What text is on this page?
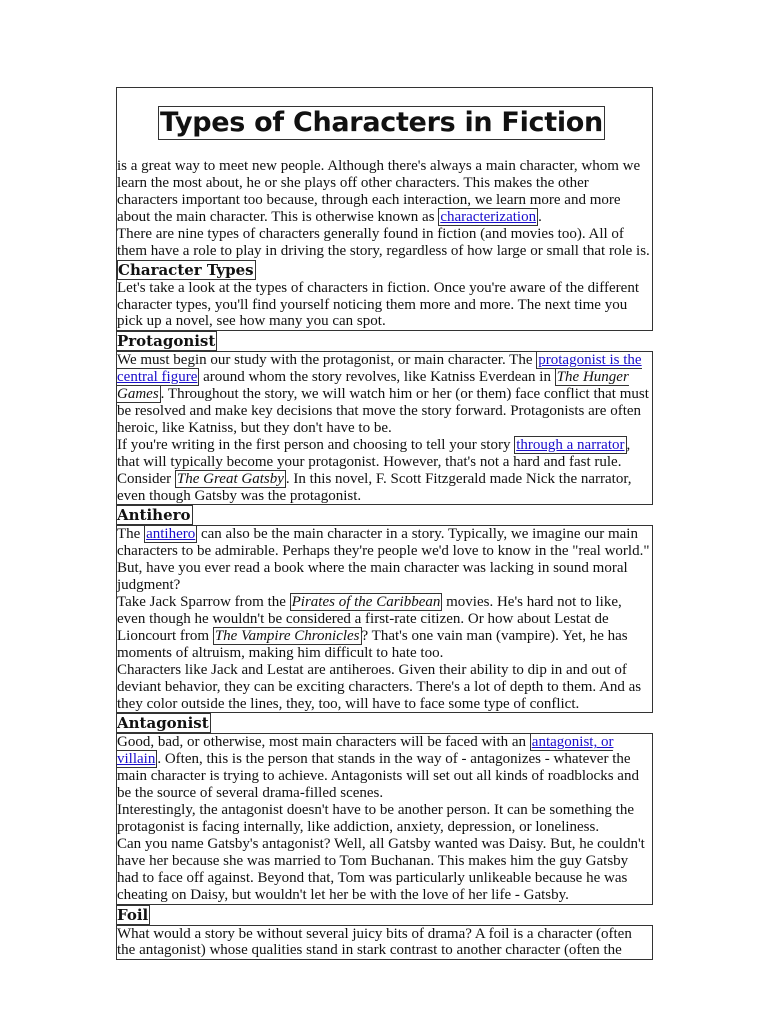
Types of Characters in Fiction

is a great way to meet new people. Although there's always a main character, whom we learn the most about, he or she plays off other characters. This makes the other characters important too because, through each interaction, we learn more and more about the main character. This is otherwise known as characterization .

There are nine types of characters generally found in fiction (and movies too). All of them have a role to play in driving the story, regardless of how large or small that role is.

Character Types

Let's take a look at the types of characters in fiction. Once you're aware of the different character types, you'll find yourself noticing them more and more. The next time you pick up a novel, see how many you can spot.

Protagonist

We must begin our study with the protagonist, or main character. The protagonist is the central figure around whom the story revolves, like Katniss Everdean in The Hunger Games . Throughout the story, we will watch him or her (or them) face conflict that must be resolved and make key decisions that move the story forward. Protagonists are often heroic, like Katniss, but they don't have to be.

If you're writing in the first person and choosing to tell your story through a narrator , that will typically become your protagonist. However, that's not a hard and fast rule. Consider The Great Gatsby . In this novel, F. Scott Fitzgerald made Nick the narrator, even though Gatsby was the protagonist.

Antihero

The antihero can also be the main character in a story. Typically, we imagine our main characters to be admirable. Perhaps they're people we'd love to know in the "real world." But, have you ever read a book where the main character was lacking in sound moral judgment?

Take Jack Sparrow from the Pirates of the Caribbean movies. He's hard not to like, even though he wouldn't be considered a first-rate citizen. Or how about Lestat de Lioncourt from The Vampire Chronicles ? That's one vain man (vampire). Yet, he has moments of altruism, making him difficult to hate too.

Characters like Jack and Lestat are antiheroes. Given their ability to dip in and out of deviant behavior, they can be exciting characters. There's a lot of depth to them. And as they color outside the lines, they, too, will have to face some type of conflict.

Antagonist

Good, bad, or otherwise, most main characters will be faced with an antagonist, or villain . Often, this is the person that stands in the way of - antagonizes - whatever the main character is trying to achieve. Antagonists will set out all kinds of roadblocks and be the source of several drama-filled scenes.

Interestingly, the antagonist doesn't have to be another person. It can be something the protagonist is facing internally, like addiction, anxiety, depression, or loneliness.

Can you name Gatsby's antagonist? Well, all Gatsby wanted was Daisy. But, he couldn't have her because she was married to Tom Buchanan. This makes him the guy Gatsby had to face off against. Beyond that, Tom was particularly unlikeable because he was cheating on Daisy, but wouldn't let her be with the love of her life - Gatsby.

Foil

What would a story be without several juicy bits of drama? A foil is a character (often the antagonist) whose qualities stand in stark contrast to another character (often the
